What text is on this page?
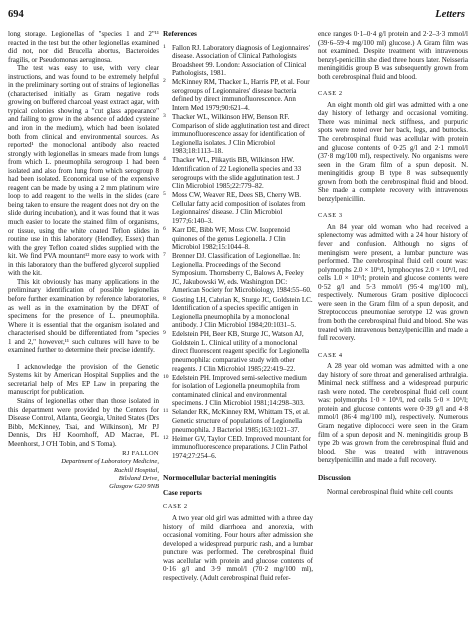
694	Letters

long storage. Legionellas of "species 1 and 2"¹¹ reacted in the test but the other legionellas examined did not, nor did Brucella abortus, Bacteroides fragilis, or Pseudomonas aeruginosa.

The test was easy to use, with very clear instructions, and was found to be extremely helpful in the preliminary sorting out of strains of legionellas (characterised initially as Gram negative rods growing on buffered charcoal yeast extract agar, with typical colonies showing a "cut glass appearance" and failing to grow in the absence of added cysteine and iron in the medium), which had been isolated both from clinical and environmental sources. As reported¹ the monoclonal antibody also reacted strongly with legionellas in smears made from lungs from which L. pneumophila serogroup 1 had been isolated and also from lung from which serogroup 8 had been isolated. Economical use of the expensive reagent can be made by using a 2 mm platinum wire loop to add reagent to the wells in the slides (care being taken to ensure the reagent does not dry on the slide during incubation), and it was found that it was much easier to locate the stained film of organisms, or tissue, using the white coated Teflon slides in routine use in this laboratory (Hendley, Essex) than with the grey Teflon coated slides supplied with the kit. We find PVA mountant¹² more easy to work with in this laboratory than the buffered glycerol supplied with the kit.

This kit obviously has many applications in the preliminary identification of possible legionellas before further examination by reference laboratories, as well as in the examination by the DFAT of specimens for the presence of L. pneumophila. Where it is essential that the organism isolated and characterised should be differentiated from "species 1 and 2," however,¹¹ such cultures will have to be examined further to determine their precise identify.

I acknowledge the provision of the Genetic Systems kit by American Hospital Supplies and the secretarial help of Mrs EP Law in preparing the manuscript for publication.

Stains of legionellas other than those isolated in this department were provided by the Centers for Disease Control, Atlanta, Georgia, United States (Drs Bibb, McKinney, Tsai, and Wilkinson), Mr PJ Dennis, Drs HJ Koornhoff, AD Macrae, PL Meenhorst, J O'H Tobin, and S Toma).

RJ FALLON
Department of Laboratory Medicine,
Ruchill Hospital,
Bilsland Drive,
Glasgow G20 9NB
References
1 Fallon RJ. Laboratory diagnosis of Legionnaires' disease. Association of Clinical Pathologists Broadsheet 99. London: Association of Clinical Pathologists, 1981.
2 McKinney RM, Thacker L, Harris PP, et al. Four serogroups of Legionnaires' disease bacteria defined by direct immunofluorescence. Ann Intern Med 1979;90:621–4.
3 Thacker WL, Wilkinson HW, Benson RF. Comparison of slide agglutination test and direct immunofluorescence assay for identification of Legionella isolates. J Clin Microbiol 1983;18:1113–18.
4 Thacker WL, Plikaytis BB, Wilkinson HW. Identification of 22 Legionella species and 33 serogroups with the slide agglutination test. J Clin Microbiol 1985;22:779–82.
5 Moss CW, Weaver RE, Dees SB, Cherry WB. Cellular fatty acid composition of isolates from Legionnaires' disease. J Clin Microbiol 1977;6:140–3.
6 Karr DE, Bibb WF, Moss CW. Isoprenoid quinones of the genus Legionella. J Clin Microbiol 1982;15:1044–8.
7 Brenner DJ. Classification of Legionellae. In: Legionella. Proceedings of the Second Symposium. Thornsberry C, Balows A, Feeley JC, Jakubowski W, eds. Washington DC: American Society for Microbiology, 1984:55–60.
8 Gosting LH, Cabrian K, Sturge JC, Goldstein LC. Identification of a species specific antigen in Legionella pneumophila by a monoclonal antibody. J Clin Microbiol 1984;20:1031–5.
9 Edelstein PH, Beer KB, Sturge JC, Watson AJ, Goldstein L. Clinical utility of a monoclonal direct fluorescent reagent specific for Legionella pneumophila: comparative study with other reagents. J Clin Microbiol 1985;22:419–22.
10 Edelstein PH. Improved semi-selective medium for isolation of Legionella pneumophila from contaminated clinical and environmental specimens. J Clin Microbiol 1981;14:298–303.
11 Selander RK, McKinney RM, Whittam TS, et al. Genetic structure of populations of Legionella pneumophila. J Bacteriol 1985;163:1021–37.
12 Heimer GV, Taylor CED. Improved mountant for immunofluorescence preparations. J Clin Pathol 1974;27:254–6.
Normocellular bacterial meningitis
Case reports
CASE 2

A two year old girl was admitted with a three day history of mild diarrhoea and anorexia, with occasional vomiting. Four hours after admission she developed a widespread purpuric rash, and a lumbar puncture was performed. The cerebrospinal fluid was acellular with protein and glucose contents of 0·16 g/l and 3·9 mmol/l (70·2 mg/100 ml), respectively. (Adult cerebrospinal fluid refer-

ence ranges 0·1–0·4 g/l protein and 2·2–3·3 mmol/l (39·6–59·4 mg/100 ml) glucose.) A Gram film was not examined. Despite treatment with intravenous benzyl-penicillin she died three hours later. Neisseria meningitidis group B was subsequently grown from both cerebrospinal fluid and blood.

CASE 2

An eight month old girl was admitted with a one day history of lethargy and occasional vomiting. There was minimal neck stiffness, and purpuric spots were noted over her back, legs, and buttocks. The cerebrospinal fluid was acellular with protein and glucose contents of 0·25 g/l and 2·1 mmol/l (37·8 mg/100 ml), respectively. No organisms were seen in the Gram film of a spun deposit. N. meningitidis group B type 8 was subsequently grown from both the cerebrospinal fluid and blood. She made a complete recovery with intravenous benzylpenicillin.

CASE 3

An 84 year old woman who had received a splenectomy was admitted with a 24 hour history of fever and confusion. Although no signs of meningism were present, a lumbar puncture was performed. The cerebrospinal fluid cell count was: polymorphs 2.0 × 10⁶/l, lymphocytes 2.0 × 10⁶/l, red cells 1.0 × 10⁶/l; protein and glucose contents were 0·52 g/l and 5·3 mmol/l (95·4 mg/100 ml), respectively. Numerous Gram positive diplococci were seen in the Gram film of a spun deposit, and Streptococcus pneumoniae serotype 12 was grown from both the cerebrospinal fluid and blood. She was treated with intravenous benzylpenicillin and made a full recovery.

CASE 4

A 28 year old woman was admitted with a one day history of sore throat and generalised arthralgia. Minimal neck stiffness and a widespread purpuric rash were noted. The cerebrospinal fluid cell count was: polymorphs 1·0 × 10⁶/l, red cells 5·0 × 10⁶/l; protein and glucose contents were 0·39 g/l and 4·8 mmol/l (86·4 mg/100 ml), respectively. Numerous Gram negative diplococci were seen in the Gram film of a spun deposit and N. meningitidis group B type 2b was grown from the cerebrospinal fluid and blood. She was treated with intravenous benzylpenicillin and made a full recovery.

Discussion

Normal cerebrospinal fluid white cell counts
